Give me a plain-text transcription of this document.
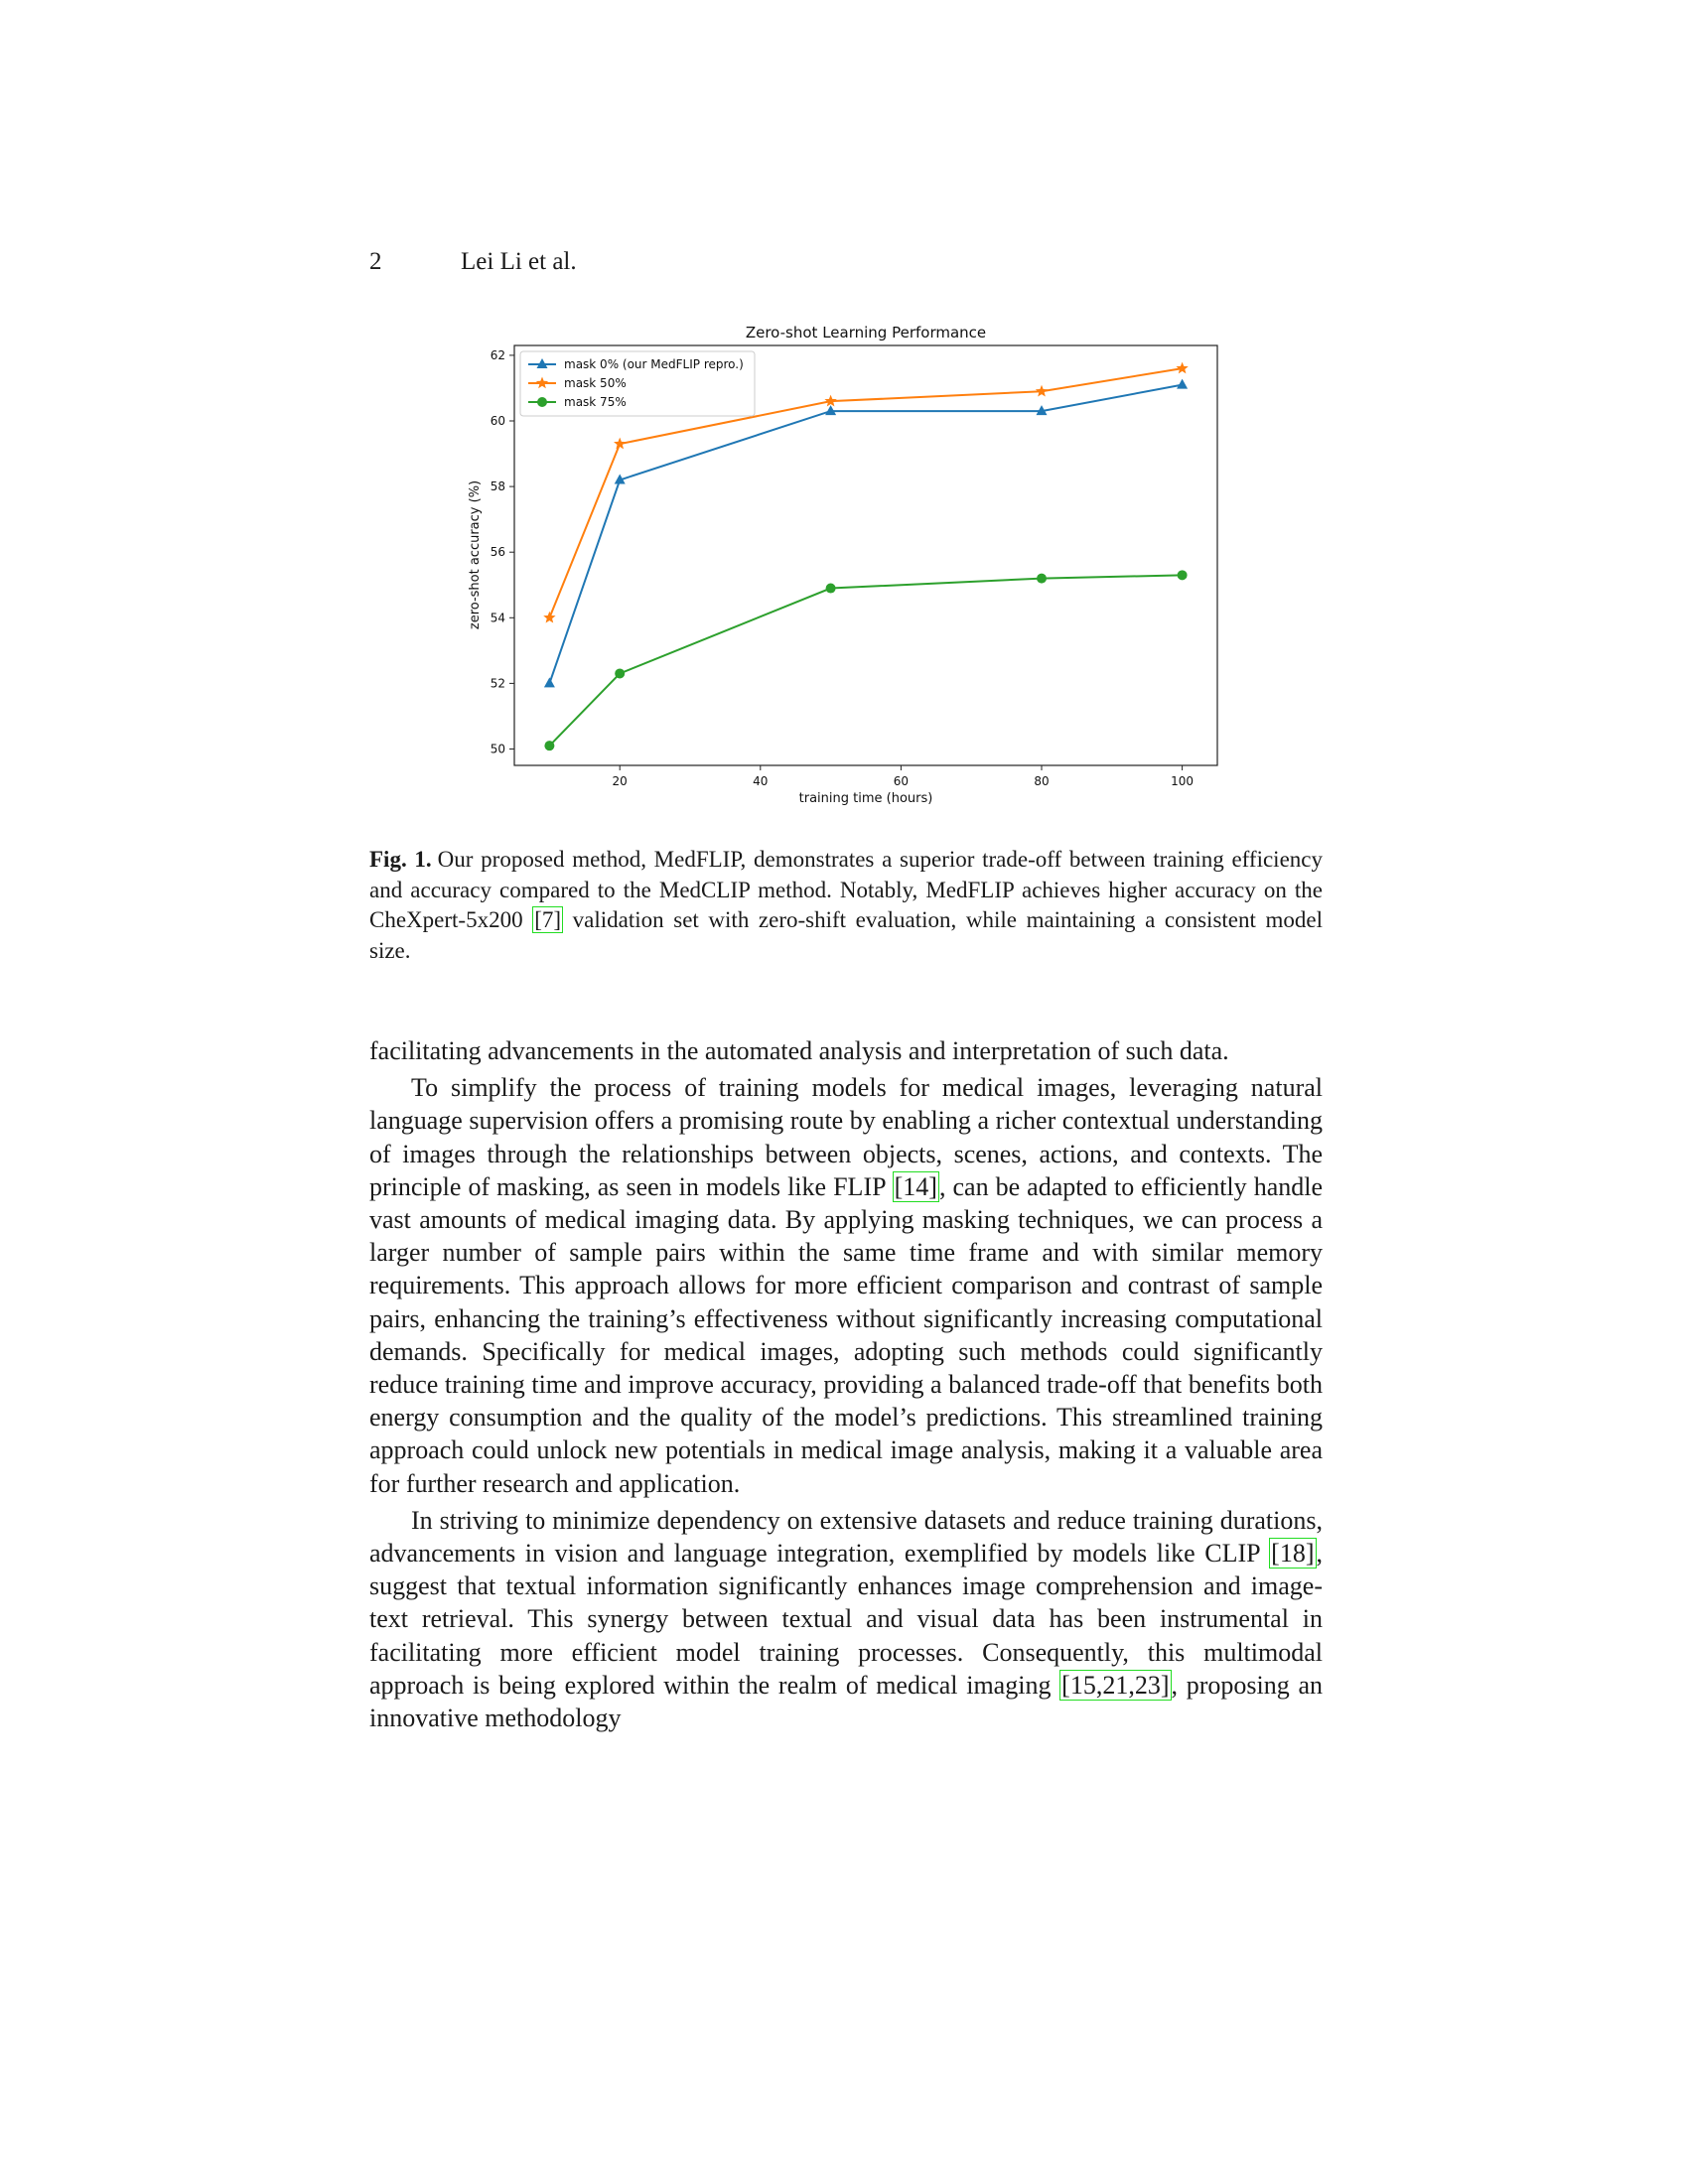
2	Lei Li et al.
Zero-shot Learning Performance
training time (hours)
zero-shot accuracy (%)
20	40	60	80	100
50
52
54
56
58
60
62
mask 0% (our MedFLIP repro.)
mask 50%
mask 75%
Fig. 1. Our proposed method, MedFLIP, demonstrates a superior trade-off between training efficiency and accuracy compared to the MedCLIP method. Notably, MedFLIP achieves higher accuracy on the CheXpert-5x200 [7] validation set with zero-shift evaluation, while maintaining a consistent model size.

facilitating advancements in the automated analysis and interpretation of such data.

To simplify the process of training models for medical images, leveraging natural language supervision offers a promising route by enabling a richer contextual understanding of images through the relationships between objects, scenes, actions, and contexts. The principle of masking, as seen in models like FLIP [14], can be adapted to efficiently handle vast amounts of medical imaging data. By applying masking techniques, we can process a larger number of sample pairs within the same time frame and with similar memory requirements. This approach allows for more efficient comparison and contrast of sample pairs, enhancing the training’s effectiveness without significantly increasing computational demands. Specifically for medical images, adopting such methods could significantly reduce training time and improve accuracy, providing a balanced trade-off that benefits both energy consumption and the quality of the model’s predictions. This streamlined training approach could unlock new potentials in medical image analysis, making it a valuable area for further research and application.

In striving to minimize dependency on extensive datasets and reduce training durations, advancements in vision and language integration, exemplified by models like CLIP [18], suggest that textual information significantly enhances image comprehension and image-text retrieval. This synergy between textual and visual data has been instrumental in facilitating more efficient model training processes. Consequently, this multimodal approach is being explored within the realm of medical imaging [15,21,23], proposing an innovative methodology
